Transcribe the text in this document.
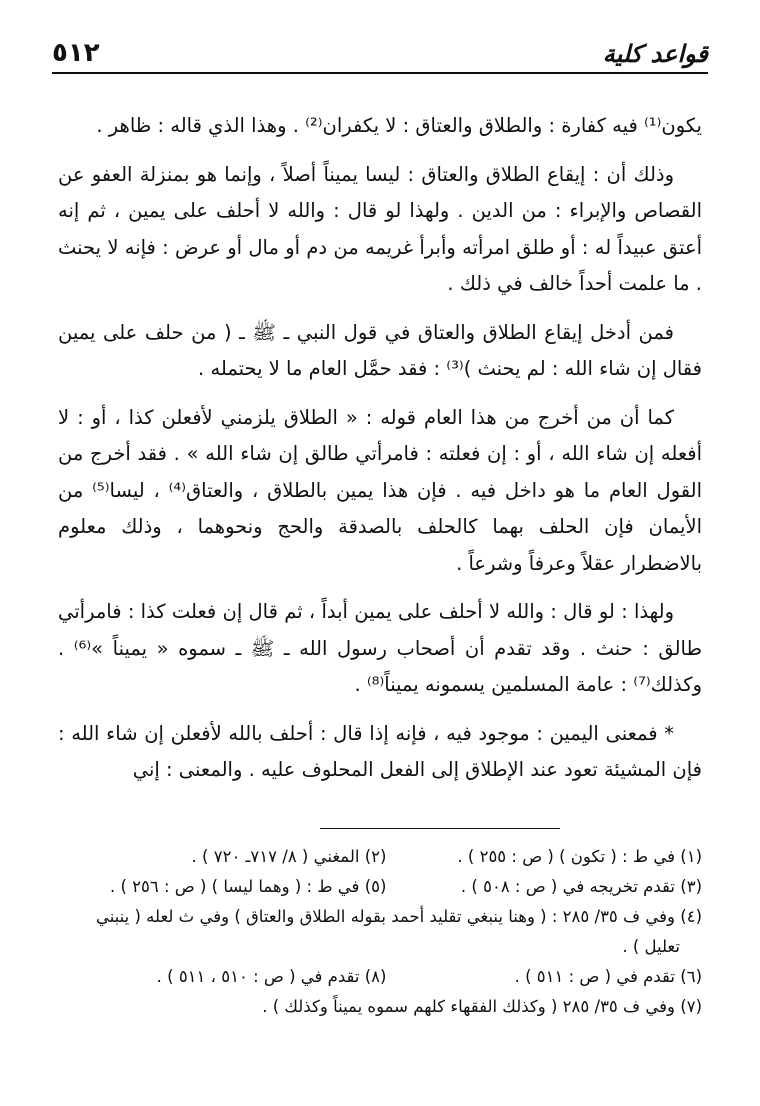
٥١٢	قواعد كلية

يكون⁽¹⁾ فيه كفارة : والطلاق والعتاق : لا يكفران⁽²⁾ . وهذا الذي قاله : ظاهر .

وذلك أن : إيقاع الطلاق والعتاق : ليسا يميناً أصلاً ، وإنما هو بمنزلة العفو عن القصاص والإبراء : من الدين . ولهذا لو قال : والله لا أحلف على يمين ، ثم إنه أعتق عبيداً له : أو طلق امرأته وأبرأ غريمه من دم أو مال أو عرض : فإنه لا يحنث . ما علمت أحداً خالف في ذلك .

فمن أدخل إيقاع الطلاق والعتاق في قول النبي ـ ﷺ ـ ( من حلف على يمين فقال إن شاء الله : لم يحنث )⁽³⁾ : فقد حمَّل العام ما لا يحتمله .

كما أن من أخرج من هذا العام قوله : « الطلاق يلزمني لأفعلن كذا ، أو : لا أفعله إن شاء الله ، أو : إن فعلته : فامرأتي طالق إن شاء الله » . فقد أخرج من القول العام ما هو داخل فيه . فإن هذا يمين بالطلاق ، والعتاق⁽⁴⁾ ، ليسا⁽⁵⁾ من الأيمان فإن الحلف بهما كالحلف بالصدقة والحج ونحوهما ، وذلك معلوم بالاضطرار عقلاً وعرفاً وشرعاً .

ولهذا : لو قال : والله لا أحلف على يمين أبداً ، ثم قال إن فعلت كذا : فامرأتي طالق : حنث . وقد تقدم أن أصحاب رسول الله ـ ﷺ ـ سموه « يميناً »⁽⁶⁾ . وكذلك⁽⁷⁾ : عامة المسلمين يسمونه يميناً⁽⁸⁾ .

* فمعنى اليمين : موجود فيه ، فإنه إذا قال : أحلف بالله لأفعلن إن شاء الله : فإن المشيئة تعود عند الإطلاق إلى الفعل المحلوف عليه . والمعنى : إني

(١) في ط : ( تكون ) ( ص : ٢٥٥ ) .
(٢) المغني ( ٨/ ٧١٧ـ ٧٢٠ ) .
(٣) تقدم تخريجه في ( ص : ٥٠٨ ) .
(٥) في ط : ( وهما ليسا ) ( ص : ٢٥٦ ) .
(٤) وفي ف ٣٥/ ٢٨٥ : ( وهنا ينبغي تقليد أحمد بقوله الطلاق والعتاق ) وفي ث لعله ( ينبني
تعليل ) .
(٦) تقدم في ( ص : ٥١١ ) .
(٨) تقدم في ( ص : ٥١٠ ، ٥١١ ) .
(٧) وفي ف ٣٥/ ٢٨٥ ( وكذلك الفقهاء كلهم سموه يميناً وكذلك ) .
